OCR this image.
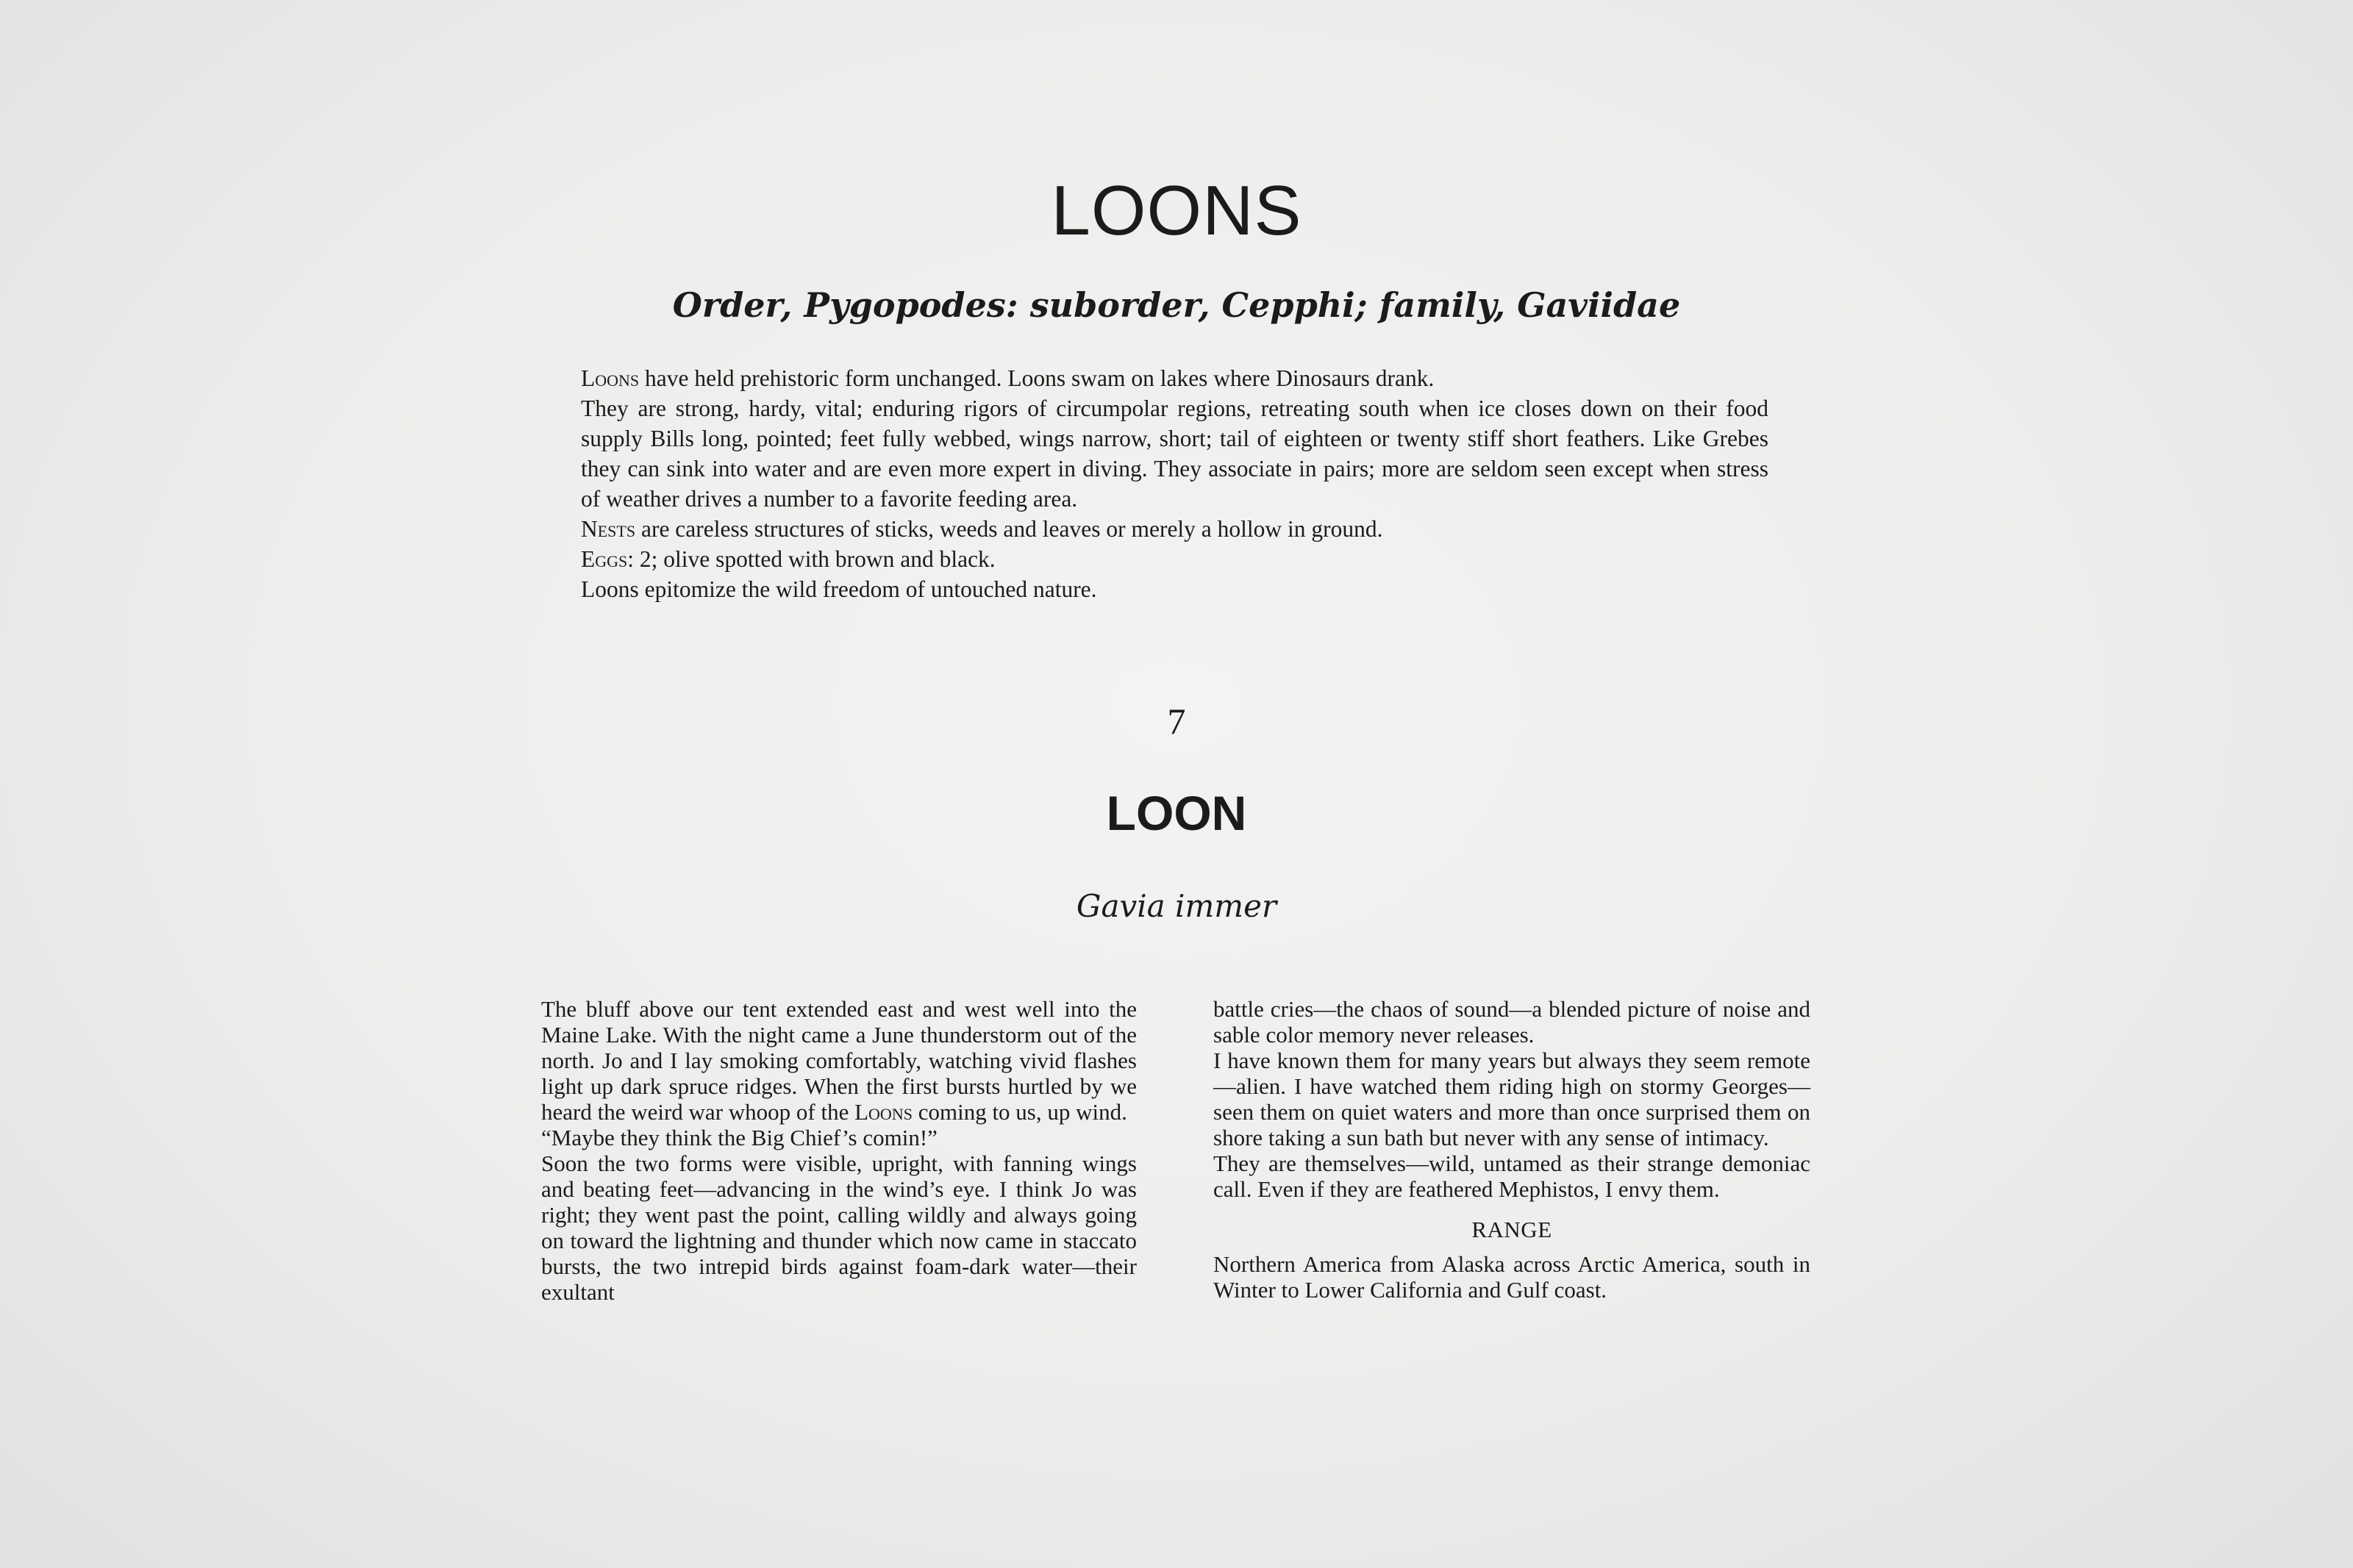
LOONS
Order, Pygopodes: suborder, Cepphi; family, Gaviidae

Loons have held prehistoric form unchanged. Loons swam on lakes where Dinosaurs drank.

They are strong, hardy, vital; enduring rigors of circumpolar regions, retreating south when ice closes down on their food supply Bills long, pointed; feet fully webbed, wings narrow, short; tail of eighteen or twenty stiff short feathers. Like Grebes they can sink into water and are even more expert in diving. They associate in pairs; more are seldom seen except when stress of weather drives a number to a favorite feeding area.

Nests are careless structures of sticks, weeds and leaves or merely a hollow in ground.

Eggs: 2; olive spotted with brown and black.

Loons epitomize the wild freedom of untouched nature.

7
LOON
Gavia immer

The bluff above our tent extended east and west well into the Maine Lake. With the night came a June thunderstorm out of the north. Jo and I lay smoking comfortably, watching vivid flashes light up dark spruce ridges. When the first bursts hurtled by we heard the weird war whoop of the Loons coming to us, up wind.

“Maybe they think the Big Chief’s comin!”

Soon the two forms were visible, upright, with fanning wings and beating feet—advancing in the wind’s eye. I think Jo was right; they went past the point, calling wildly and always going on toward the lightning and thunder which now came in staccato bursts, the two intrepid birds against foam-dark water—their exultant

battle cries—the chaos of sound—a blended picture of noise and sable color memory never releases.

I have known them for many years but always they seem remote—alien. I have watched them riding high on stormy Georges—seen them on quiet waters and more than once surprised them on shore taking a sun bath but never with any sense of intimacy.

They are themselves—wild, untamed as their strange demoniac call. Even if they are feathered Mephistos, I envy them.

RANGE

Northern America from Alaska across Arctic America, south in Winter to Lower California and Gulf coast.
